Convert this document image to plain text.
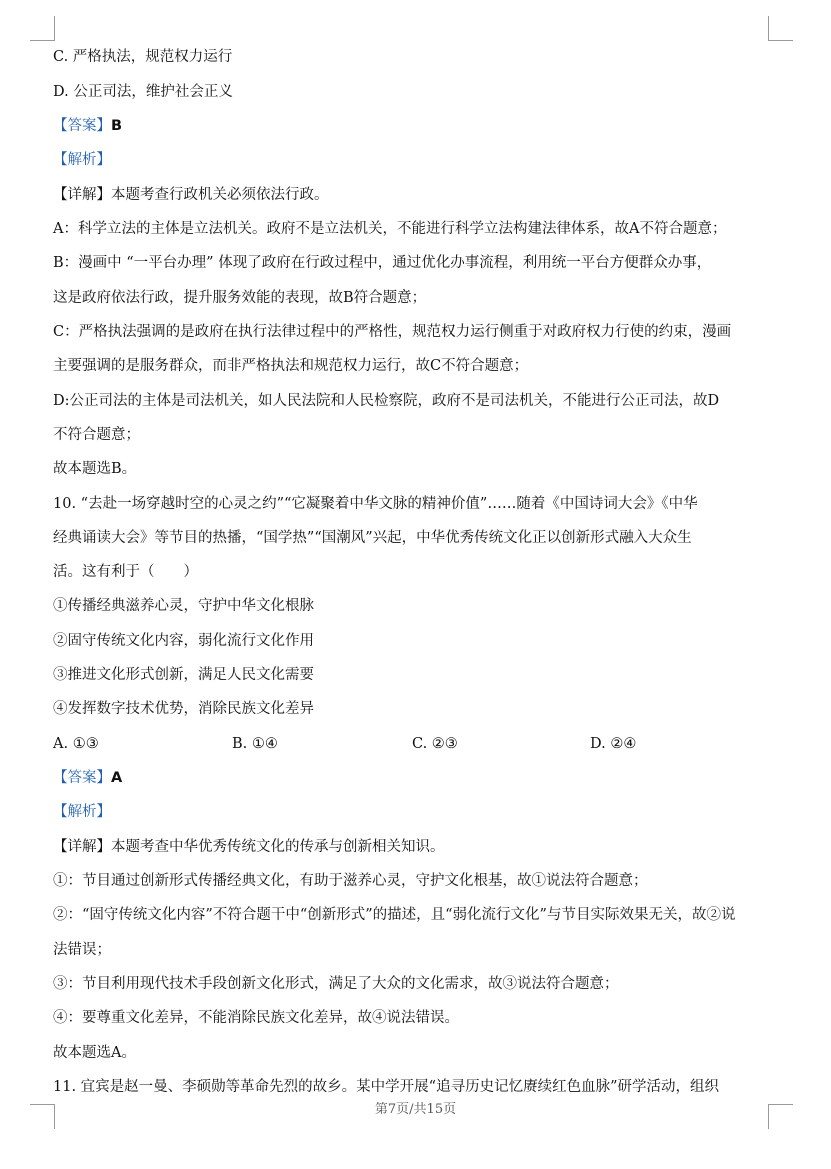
C. 严格执法，规范权力运行
D. 公正司法，维护社会正义
【答案】B
【解析】
【详解】本题考查行政机关必须依法行政。
A：科学立法的主体是立法机关。政府不是立法机关，不能进行科学立法构建法律体系，故A不符合题意；
B：漫画中 “一平台办理” 体现了政府在行政过程中，通过优化办事流程，利用统一平台方便群众办事，
这是政府依法行政，提升服务效能的表现，故B符合题意；
C：严格执法强调的是政府在执行法律过程中的严格性，规范权力运行侧重于对政府权力行使的约束，漫画
主要强调的是服务群众，而非严格执法和规范权力运行，故C不符合题意；
D:公正司法的主体是司法机关，如人民法院和人民检察院，政府不是司法机关，不能进行公正司法，故D
不符合题意；
故本题选B。
10. “去赴一场穿越时空的心灵之约”“它凝聚着中华文脉的精神价值”……随着《中国诗词大会》《中华
经典诵读大会》等节目的热播，“国学热”“国潮风”兴起，中华优秀传统文化正以创新形式融入大众生
活。这有利于（　　）
①传播经典滋养心灵，守护中华文化根脉
②固守传统文化内容，弱化流行文化作用
③推进文化形式创新，满足人民文化需要
④发挥数字技术优势，消除民族文化差异
A. ①③	B. ①④	C. ②③	D. ②④
【答案】A
【解析】
【详解】本题考查中华优秀传统文化的传承与创新相关知识。
①：节目通过创新形式传播经典文化，有助于滋养心灵，守护文化根基，故①说法符合题意；
②：“固守传统文化内容”不符合题干中“创新形式”的描述，且“弱化流行文化”与节目实际效果无关，故②说
法错误；
③：节目利用现代技术手段创新文化形式，满足了大众的文化需求，故③说法符合题意；
④：要尊重文化差异，不能消除民族文化差异，故④说法错误。
故本题选A。
11. 宜宾是赵一曼、李硕勋等革命先烈的故乡。某中学开展“追寻历史记忆赓续红色血脉”研学活动，组织
第7页/共15页
